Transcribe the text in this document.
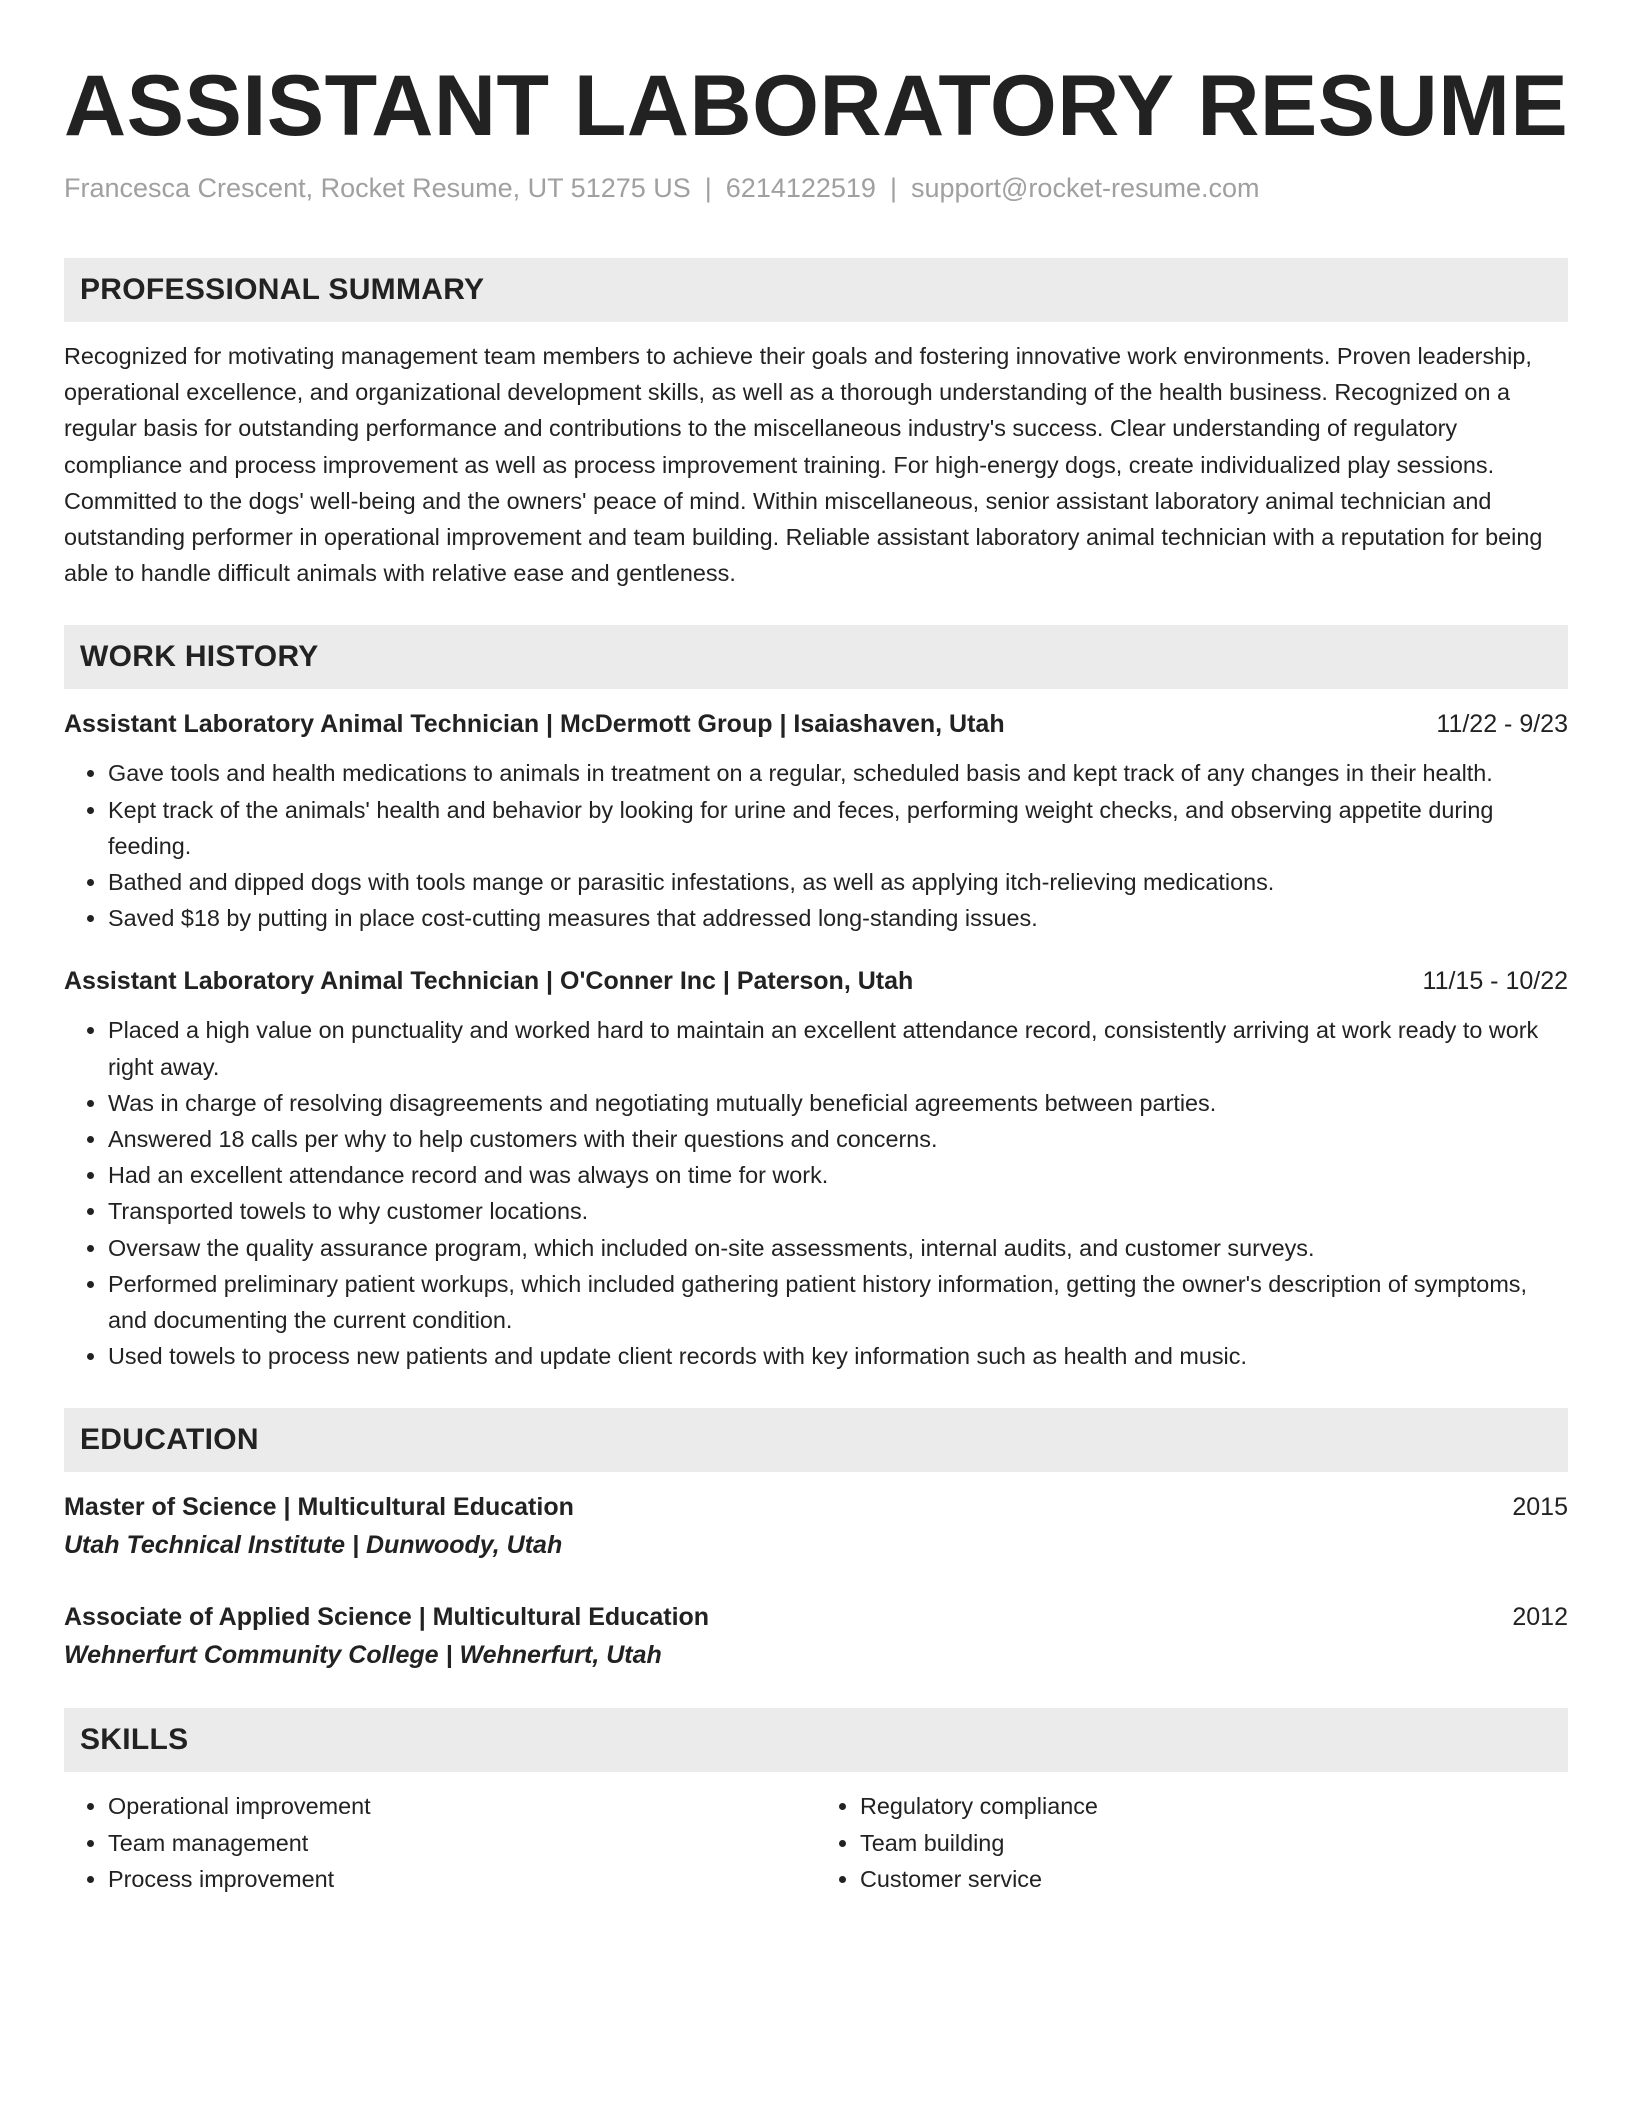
ASSISTANT LABORATORY RESUME
Francesca Crescent, Rocket Resume, UT 51275 US | 6214122519 | support@rocket-resume.com
PROFESSIONAL SUMMARY

Recognized for motivating management team members to achieve their goals and fostering innovative work environments. Proven leadership, operational excellence, and organizational development skills, as well as a thorough understanding of the health business. Recognized on a regular basis for outstanding performance and contributions to the miscellaneous industry's success. Clear understanding of regulatory compliance and process improvement as well as process improvement training. For high-energy dogs, create individualized play sessions. Committed to the dogs' well-being and the owners' peace of mind. Within miscellaneous, senior assistant laboratory animal technician and outstanding performer in operational improvement and team building. Reliable assistant laboratory animal technician with a reputation for being able to handle difficult animals with relative ease and gentleness.

WORK HISTORY
Assistant Laboratory Animal Technician | McDermott Group | Isaiashaven, Utah	11/22 - 9/23
• Gave tools and health medications to animals in treatment on a regular, scheduled basis and kept track of any changes in their health.
• Kept track of the animals' health and behavior by looking for urine and feces, performing weight checks, and observing appetite during feeding.
• Bathed and dipped dogs with tools mange or parasitic infestations, as well as applying itch-relieving medications.
• Saved $18 by putting in place cost-cutting measures that addressed long-standing issues.
Assistant Laboratory Animal Technician | O'Conner Inc | Paterson, Utah	11/15 - 10/22
• Placed a high value on punctuality and worked hard to maintain an excellent attendance record, consistently arriving at work ready to work right away.
• Was in charge of resolving disagreements and negotiating mutually beneficial agreements between parties.
• Answered 18 calls per why to help customers with their questions and concerns.
• Had an excellent attendance record and was always on time for work.
• Transported towels to why customer locations.
• Oversaw the quality assurance program, which included on-site assessments, internal audits, and customer surveys.
• Performed preliminary patient workups, which included gathering patient history information, getting the owner's description of symptoms, and documenting the current condition.
• Used towels to process new patients and update client records with key information such as health and music.
EDUCATION
Master of Science | Multicultural Education	2015
Utah Technical Institute | Dunwoody, Utah
Associate of Applied Science | Multicultural Education	2012
Wehnerfurt Community College | Wehnerfurt, Utah
SKILLS
• Operational improvement
• Team management
• Process improvement
• Regulatory compliance
• Team building
• Customer service
